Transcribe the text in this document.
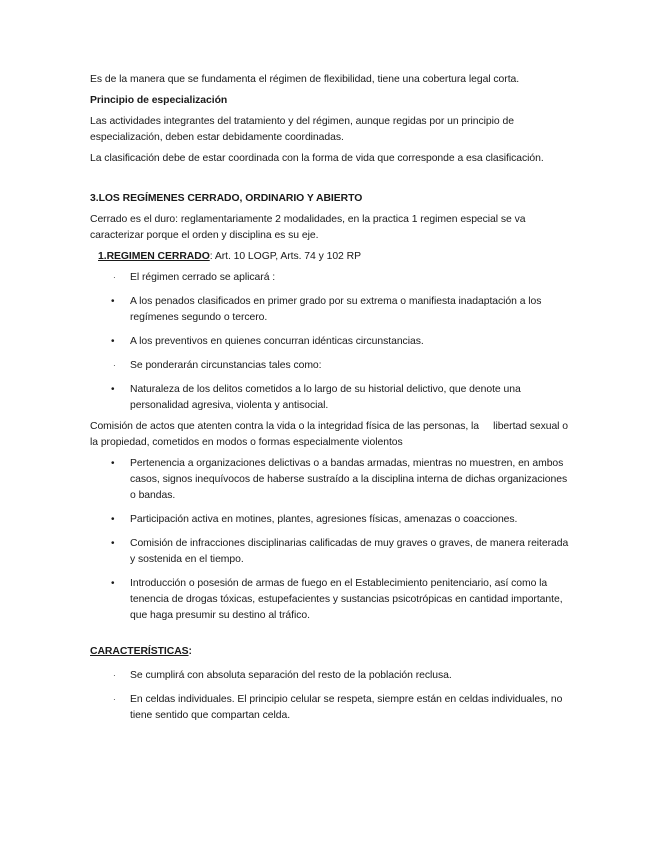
Es de la manera que se fundamenta el régimen de flexibilidad, tiene una cobertura legal corta.

Principio de especialización

Las actividades integrantes del tratamiento y del régimen, aunque regidas por un principio de especialización, deben estar debidamente coordinadas.

La clasificación debe de estar coordinada con la forma de vida que corresponde a esa clasificación.

3.LOS REGÍMENES CERRADO, ORDINARIO Y ABIERTO

Cerrado es el duro: reglamentariamente 2 modalidades, en la practica 1 regimen especial se va caracterizar porque el orden y disciplina es su eje.

1.REGIMEN CERRADO: Art. 10 LOGP, Arts. 74 y 102 RP

· El régimen cerrado se aplicará :
• A los penados clasificados en primer grado por su extrema o manifiesta inadaptación a los regímenes segundo o tercero.
• A los preventivos en quienes concurran idénticas circunstancias.
· Se ponderarán circunstancias tales como:
• Naturaleza de los delitos cometidos a lo largo de su historial delictivo, que denote una personalidad agresiva, violenta y antisocial.

Comisión de actos que atenten contra la vida o la integridad física de las personas, la     libertad sexual o la propiedad, cometidos en modos o formas especialmente violentos

• Pertenencia a organizaciones delictivas o a bandas armadas, mientras no muestren, en ambos casos, signos inequívocos de haberse sustraído a la disciplina interna de dichas organizaciones o bandas.
• Participación activa en motines, plantes, agresiones físicas, amenazas o coacciones.
• Comisión de infracciones disciplinarias calificadas de muy graves o graves, de manera reiterada y sostenida en el tiempo.
• Introducción o posesión de armas de fuego en el Establecimiento penitenciario, así como la tenencia de drogas tóxicas, estupefacientes y sustancias psicotrópicas en cantidad importante, que haga presumir su destino al tráfico.

CARACTERÍSTICAS:

· Se cumplirá con absoluta separación del resto de la población reclusa.
· En celdas individuales. El principio celular se respeta, siempre están en celdas individuales, no tiene sentido que compartan celda.
